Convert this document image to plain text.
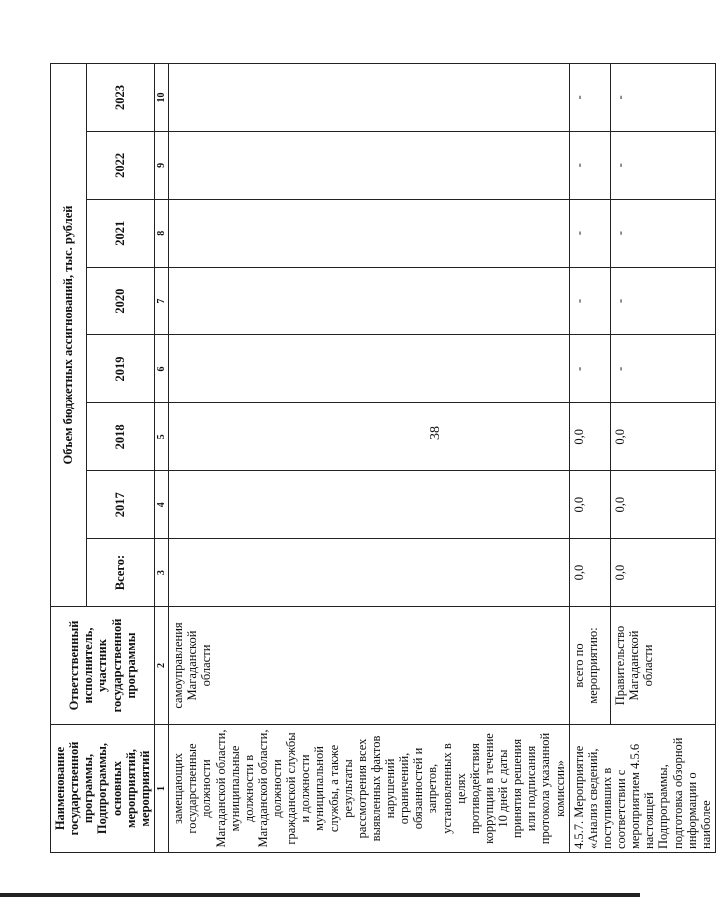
38
Наименование государственной программы, Подпрограммы, основных мероприятий, мероприятий	Ответственный исполнитель, участник государственной программы	Объем бюджетных ассигнований, тыс. рублей							
		Всего:	2017	2018	2019	2020	2021	2022	2023
1	2	3	4	5	6	7	8	9	10
замещающих государственные должности Магаданской области, муниципальные должности в Магаданской области, должности гражданской службы и должности муниципальной службы, а также результаты рассмотрения всех выявленных фактов нарушений ограничений, обязанностей и запретов, установленных в целях противодействия коррупции в течение 10 дней с даты принятия решения или подписания протокола указанной комиссии»	самоуправления Магаданской области								
4.5.7. Мероприятие «Анализ сведений, поступивших в соответствии с мероприятием 4.5.6 настоящей Подпрограммы, подготовка обзорной информации о наиболее	всего по мероприятию:	0,0	0,0	0,0	-	-	-	-	-
	Правительство Магаданской области	0,0	0,0	0,0	-	-	-	-	-
